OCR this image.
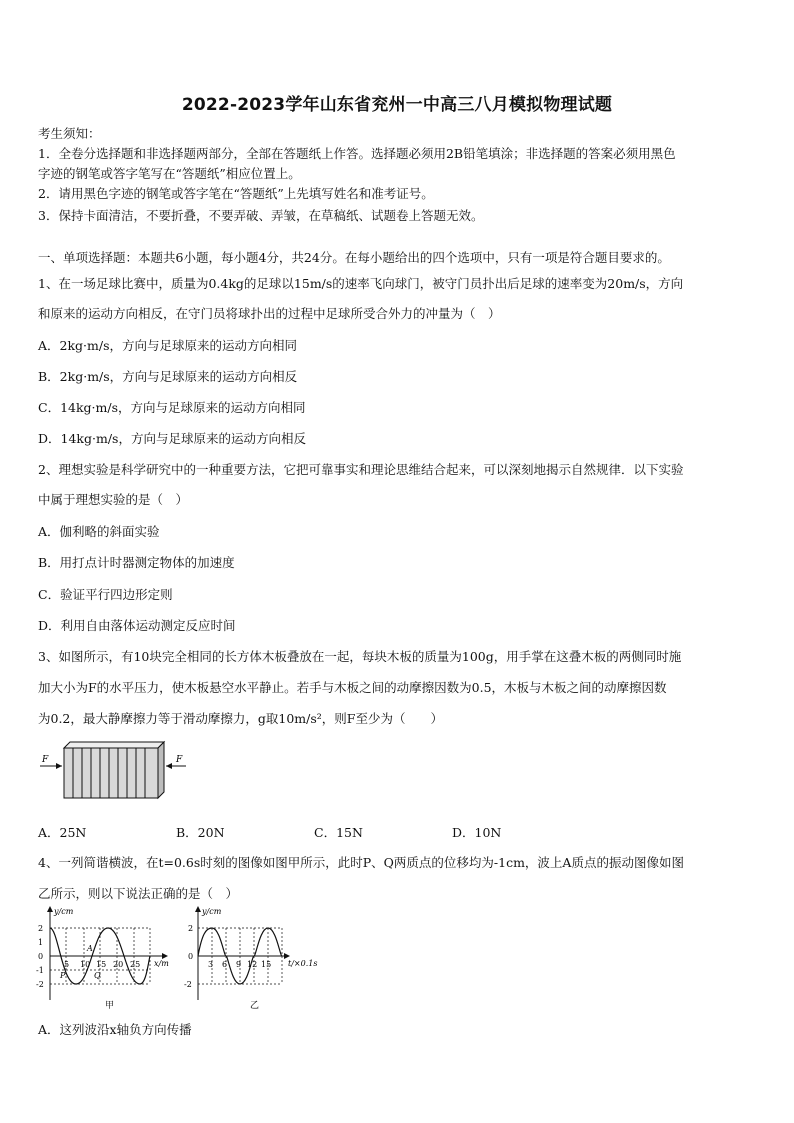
2022-2023学年山东省兖州一中高三八月模拟物理试题
考生须知：
1．全卷分选择题和非选择题两部分，全部在答题纸上作答。选择题必须用2B铅笔填涂；非选择题的答案必须用黑色
字迹的钢笔或答字笔写在“答题纸”相应位置上。
2．请用黑色字迹的钢笔或答字笔在“答题纸”上先填写姓名和准考证号。
3．保持卡面清洁，不要折叠，不要弄破、弄皱，在草稿纸、试题卷上答题无效。
一、单项选择题：本题共6小题，每小题4分，共24分。在每小题给出的四个选项中，只有一项是符合题目要求的。
1、在一场足球比赛中，质量为0.4kg的足球以15m/s的速率飞向球门，被守门员扑出后足球的速率变为20m/s，方向
和原来的运动方向相反，在守门员将球扑出的过程中足球所受合外力的冲量为（　）
A．2kg·m/s，方向与足球原来的运动方向相同
B．2kg·m/s，方向与足球原来的运动方向相反
C．14kg·m/s，方向与足球原来的运动方向相同
D．14kg·m/s，方向与足球原来的运动方向相反
2、理想实验是科学研究中的一种重要方法，它把可靠事实和理论思维结合起来，可以深刻地揭示自然规律．以下实验
中属于理想实验的是（　）
A．伽利略的斜面实验
B．用打点计时器测定物体的加速度
C．验证平行四边形定则
D．利用自由落体运动测定反应时间
3、如图所示，有10块完全相同的长方体木板叠放在一起，每块木板的质量为100g，用手掌在这叠木板的两侧同时施
加大小为F的水平压力，使木板悬空水平静止。若手与木板之间的动摩擦因数为0.5，木板与木板之间的动摩擦因数
为0.2，最大静摩擦力等于滑动摩擦力，g取10m/s²，则F至少为（　　）
F	F
A．25N	B．20N	C．15N	D．10N
4、一列简谐横波，在t=0.6s时刻的图像如图甲所示，此时P、Q两质点的位移均为-1cm，波上A质点的振动图像如图
乙所示，则以下说法正确的是（　）
y/cm
x/m
2
1
0
-1
-2
5 10 15 20 25
A
P	Q
甲
y/cm
t/×0.1s
2
0
-2
3 6 9 12 15
乙
A．这列波沿x轴负方向传播
